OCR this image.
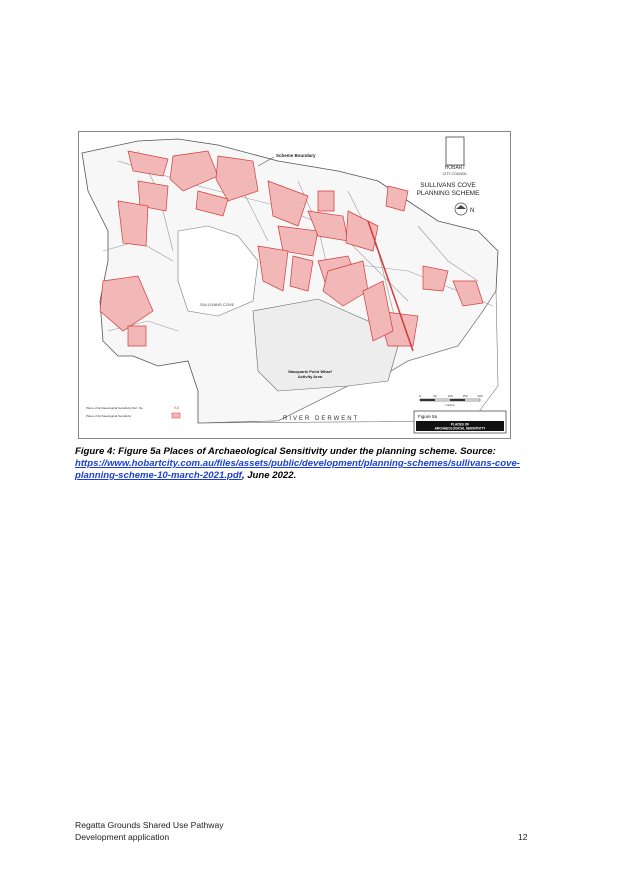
HOBART
CITY COUNCIL
SULLIVANS COVE
PLANNING SCHEME
N
Scheme Boundary
SULLIVANS COVE
Macquarie Point Wharf
Activity Area
RIVER DERWENT
Place of Archaeological Sensitivity Ref. No.	9-6
Place of Archaeological Sensitivity
0	50	100	150	200
metres
Figure 5a
PLACES OF
ARCHAEOLOGICAL SENSITIVITY
Figure 4: Figure 5a Places of Archaeological Sensitivity under the planning scheme. Source: https://www.hobartcity.com.au/files/assets/public/development/planning-schemes/sullivans-cove-planning-scheme-10-march-2021.pdf, June 2022.
Regatta Grounds Shared Use Pathway
Development application	12
